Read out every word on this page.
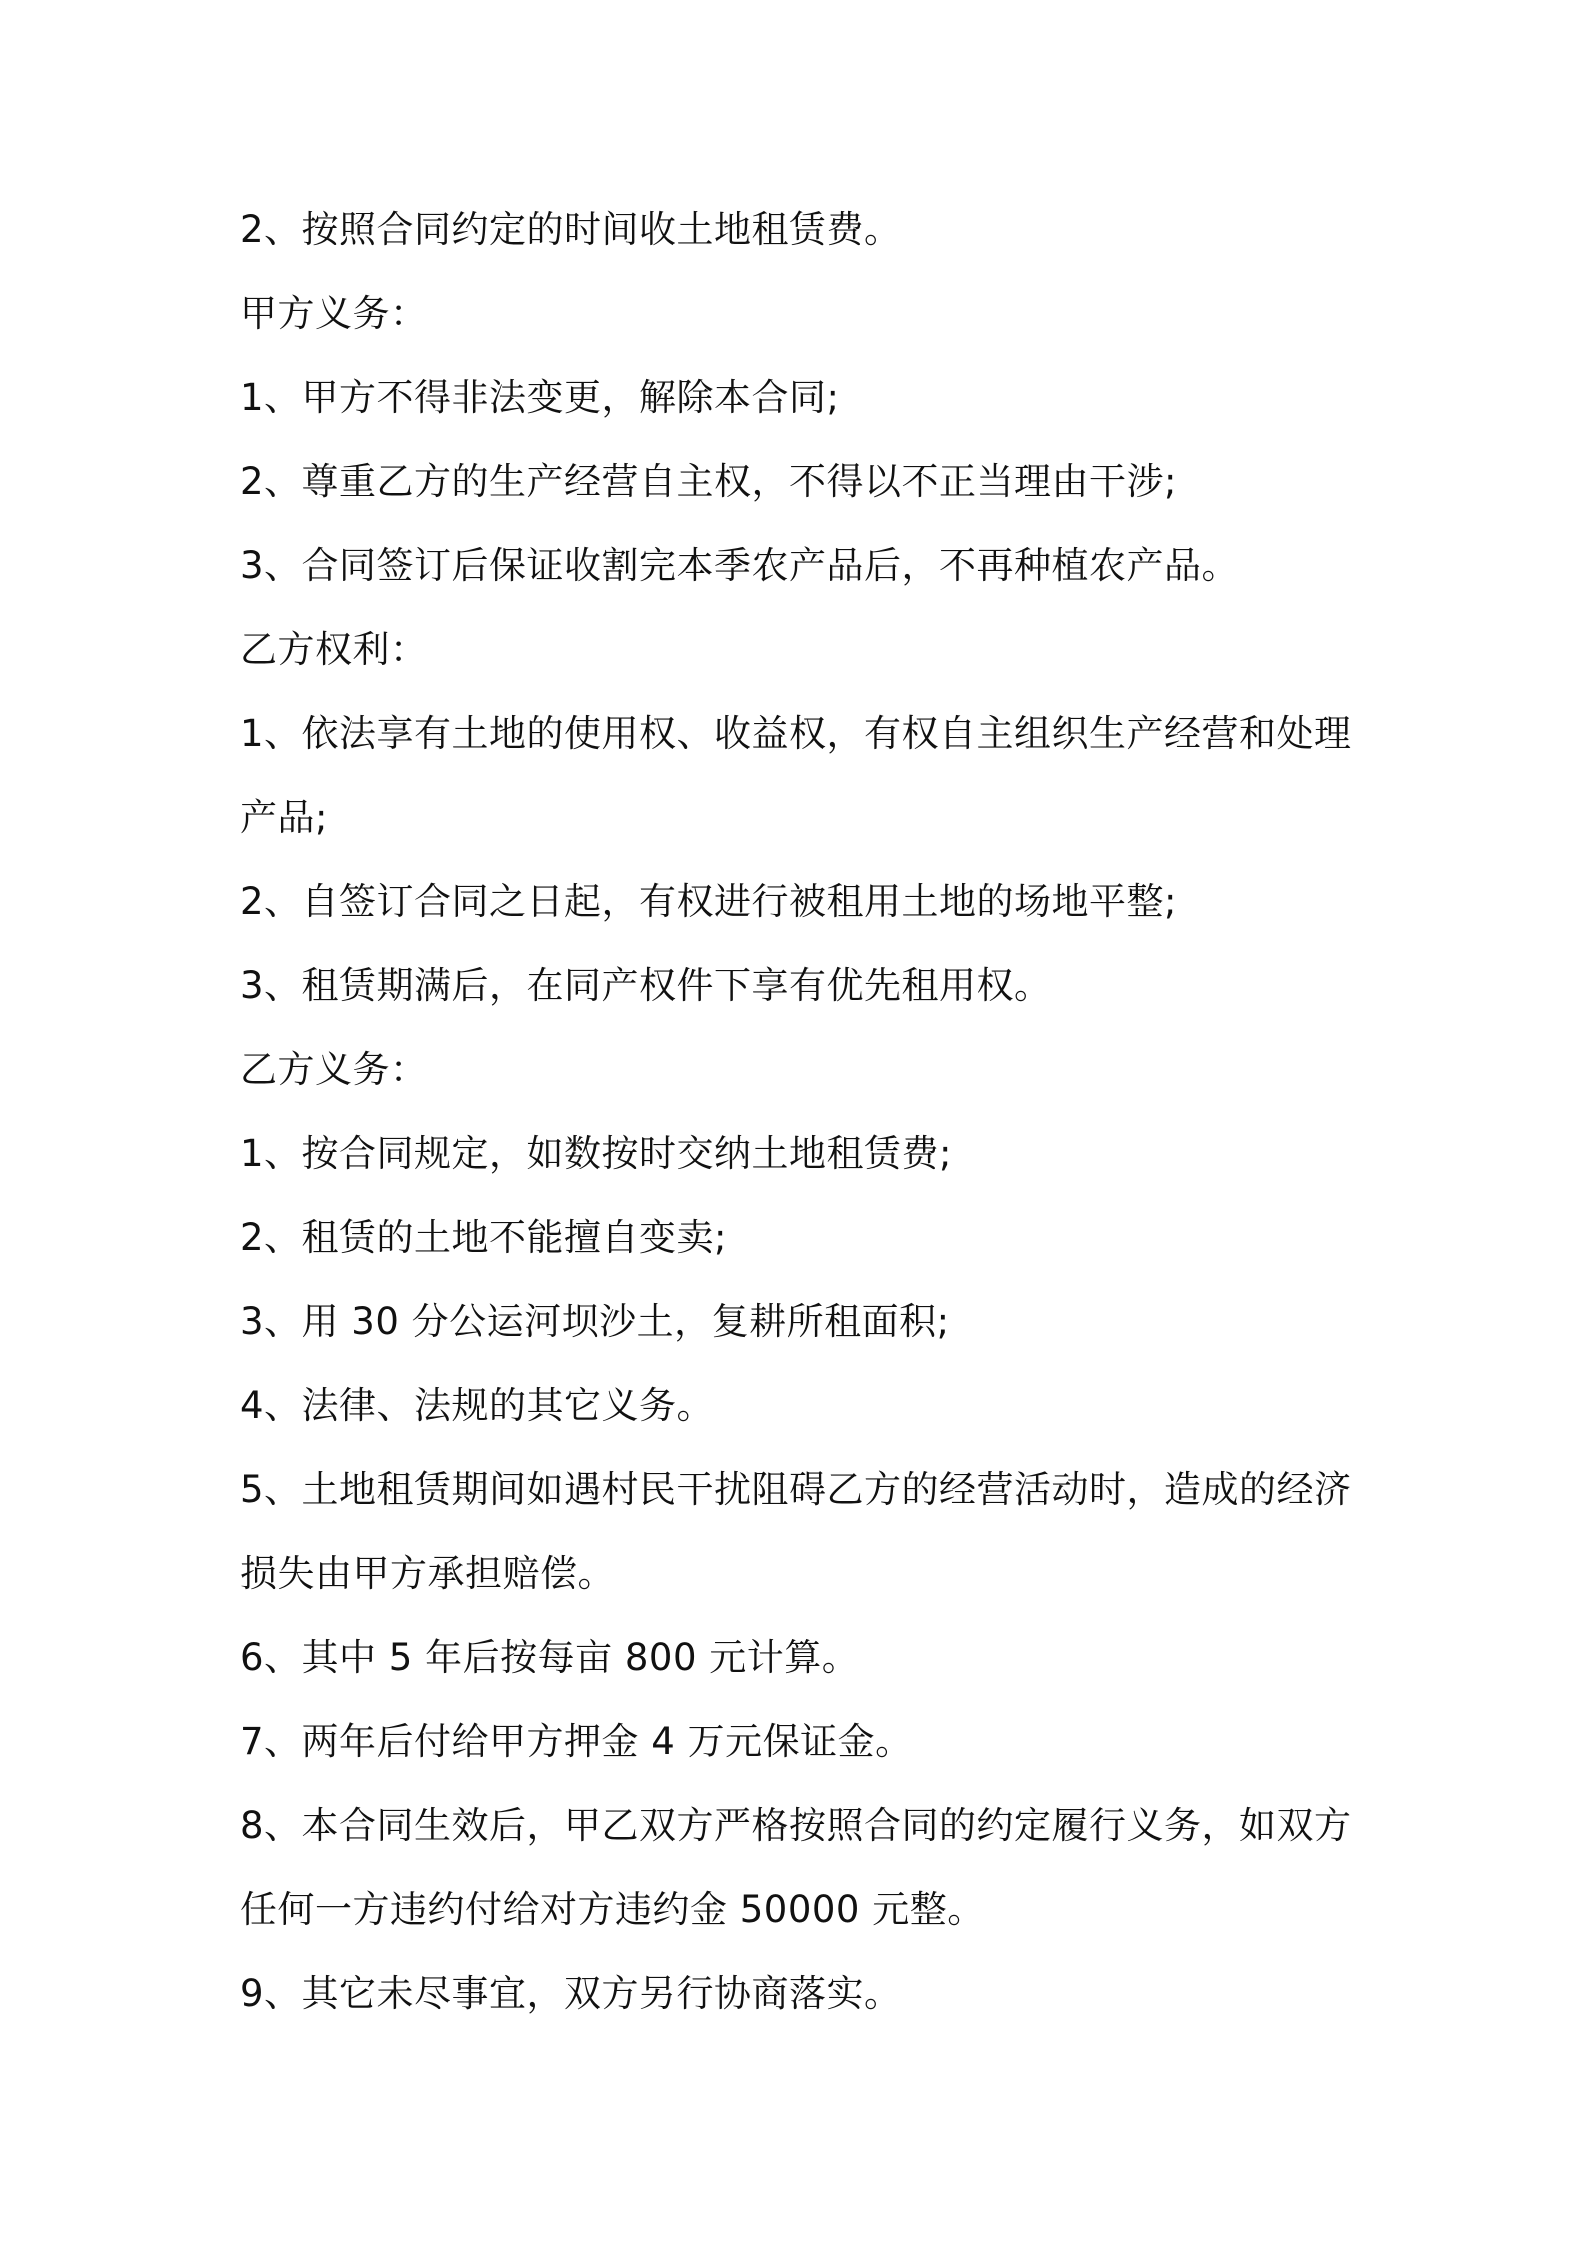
2、按照合同约定的时间收土地租赁费。
甲方义务：
1、甲方不得非法变更，解除本合同;
2、尊重乙方的生产经营自主权，不得以不正当理由干涉;
3、合同签订后保证收割完本季农产品后，不再种植农产品。
乙方权利：
1、依法享有土地的使用权、收益权，有权自主组织生产经营和处理
产品;
2、自签订合同之日起，有权进行被租用土地的场地平整;
3、租赁期满后，在同产权件下享有优先租用权。
乙方义务：
1、按合同规定，如数按时交纳土地租赁费;
2、租赁的土地不能擅自变卖;
3、用 30 分公运河坝沙土，复耕所租面积;
4、法律、法规的其它义务。
5、土地租赁期间如遇村民干扰阻碍乙方的经营活动时，造成的经济
损失由甲方承担赔偿。
6、其中 5 年后按每亩 800 元计算。
7、两年后付给甲方押金 4 万元保证金。
8、本合同生效后，甲乙双方严格按照合同的约定履行义务，如双方
任何一方违约付给对方违约金 50000 元整。
9、其它未尽事宜，双方另行协商落实。
